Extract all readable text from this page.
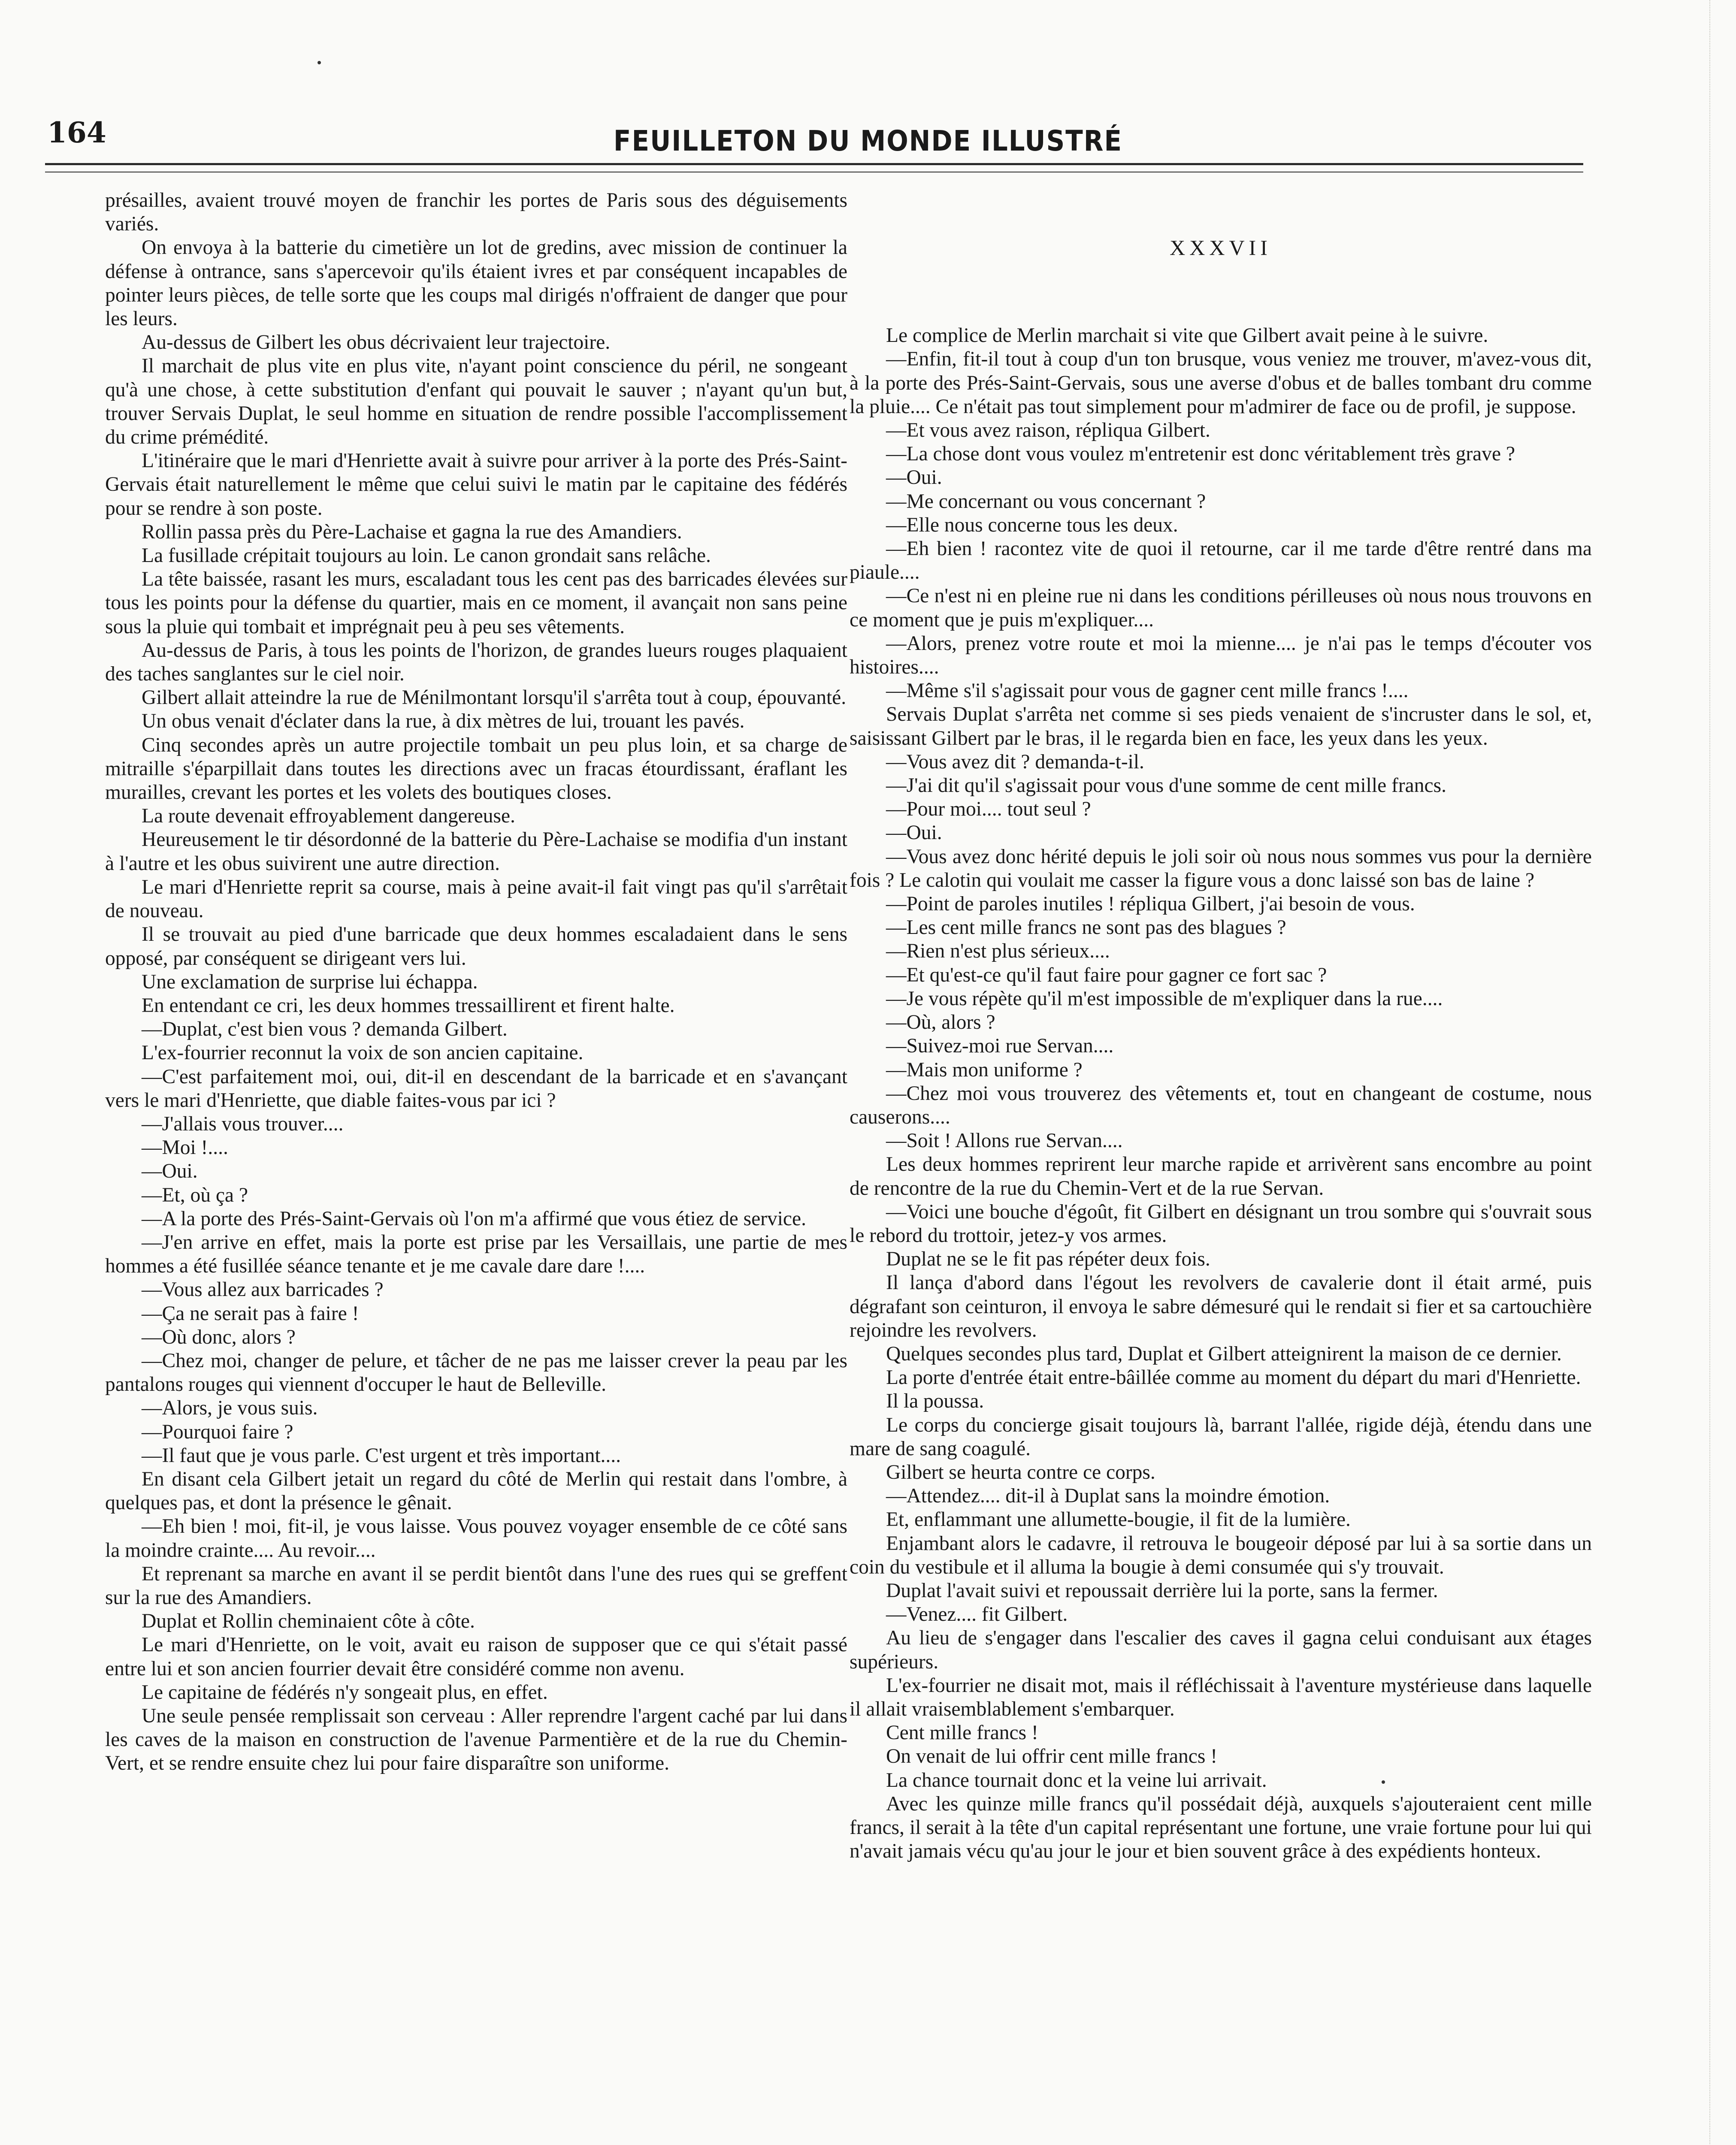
164	FEUILLETON DU MONDE ILLUSTRÉ

présailles, avaient trouvé moyen de franchir les portes de Paris sous des déguisements variés.

On envoya à la batterie du cimetière un lot de gredins, avec mission de continuer la défense à ontrance, sans s'apercevoir qu'ils étaient ivres et par conséquent incapables de pointer leurs pièces, de telle sorte que les coups mal dirigés n'offraient de danger que pour les leurs.

Au-dessus de Gilbert les obus décrivaient leur trajectoire.

Il marchait de plus vite en plus vite, n'ayant point conscience du péril, ne songeant qu'à une chose, à cette substitution d'enfant qui pouvait le sauver ; n'ayant qu'un but, trouver Servais Duplat, le seul homme en situation de rendre possible l'accomplissement du crime prémédité.

L'itinéraire que le mari d'Henriette avait à suivre pour arriver à la porte des Prés-Saint-Gervais était naturellement le même que celui suivi le matin par le capitaine des fédérés pour se rendre à son poste.

Rollin passa près du Père-Lachaise et gagna la rue des Amandiers.

La fusillade crépitait toujours au loin. Le canon grondait sans relâche.

La tête baissée, rasant les murs, escaladant tous les cent pas des barricades élevées sur tous les points pour la défense du quartier, mais en ce moment, il avançait non sans peine sous la pluie qui tombait et imprégnait peu à peu ses vêtements.

Au-dessus de Paris, à tous les points de l'horizon, de grandes lueurs rouges plaquaient des taches sanglantes sur le ciel noir.

Gilbert allait atteindre la rue de Ménilmontant lorsqu'il s'arrêta tout à coup, épouvanté.

Un obus venait d'éclater dans la rue, à dix mètres de lui, trouant les pavés.

Cinq secondes après un autre projectile tombait un peu plus loin, et sa charge de mitraille s'éparpillait dans toutes les directions avec un fracas étourdissant, éraflant les murailles, crevant les portes et les volets des boutiques closes.

La route devenait effroyablement dangereuse.

Heureusement le tir désordonné de la batterie du Père-Lachaise se modifia d'un instant à l'autre et les obus suivirent une autre direction.

Le mari d'Henriette reprit sa course, mais à peine avait-il fait vingt pas qu'il s'arrêtait de nouveau.

Il se trouvait au pied d'une barricade que deux hommes escaladaient dans le sens opposé, par conséquent se dirigeant vers lui.

Une exclamation de surprise lui échappa.

En entendant ce cri, les deux hommes tressaillirent et firent halte.

—Duplat, c'est bien vous ? demanda Gilbert.

L'ex-fourrier reconnut la voix de son ancien capitaine.

—C'est parfaitement moi, oui, dit-il en descendant de la barricade et en s'avançant vers le mari d'Henriette, que diable faites-vous par ici ?

—J'allais vous trouver....

—Moi !....

—Oui.

—Et, où ça ?

—A la porte des Prés-Saint-Gervais où l'on m'a affirmé que vous étiez de service.

—J'en arrive en effet, mais la porte est prise par les Versaillais, une partie de mes hommes a été fusillée séance tenante et je me cavale dare dare !....

—Vous allez aux barricades ?

—Ça ne serait pas à faire !

—Où donc, alors ?

—Chez moi, changer de pelure, et tâcher de ne pas me laisser crever la peau par les pantalons rouges qui viennent d'occuper le haut de Belleville.

—Alors, je vous suis.

—Pourquoi faire ?

—Il faut que je vous parle. C'est urgent et très important....

En disant cela Gilbert jetait un regard du côté de Merlin qui restait dans l'ombre, à quelques pas, et dont la présence le gênait.

—Eh bien ! moi, fit-il, je vous laisse. Vous pouvez voyager ensemble de ce côté sans la moindre crainte.... Au revoir....

Et reprenant sa marche en avant il se perdit bientôt dans l'une des rues qui se greffent sur la rue des Amandiers.

Duplat et Rollin cheminaient côte à côte.

Le mari d'Henriette, on le voit, avait eu raison de supposer que ce qui s'était passé entre lui et son ancien fourrier devait être considéré comme non avenu.

Le capitaine de fédérés n'y songeait plus, en effet.

Une seule pensée remplissait son cerveau : Aller reprendre l'argent caché par lui dans les caves de la maison en construction de l'avenue Parmentière et de la rue du Chemin-Vert, et se rendre ensuite chez lui pour faire disparaître son uniforme.

XXXVII

Le complice de Merlin marchait si vite que Gilbert avait peine à le suivre.

—Enfin, fit-il tout à coup d'un ton brusque, vous veniez me trouver, m'avez-vous dit, à la porte des Prés-Saint-Gervais, sous une averse d'obus et de balles tombant dru comme la pluie.... Ce n'était pas tout simplement pour m'admirer de face ou de profil, je suppose.

—Et vous avez raison, répliqua Gilbert.

—La chose dont vous voulez m'entretenir est donc véritablement très grave ?

—Oui.

—Me concernant ou vous concernant ?

—Elle nous concerne tous les deux.

—Eh bien ! racontez vite de quoi il retourne, car il me tarde d'être rentré dans ma piaule....

—Ce n'est ni en pleine rue ni dans les conditions périlleuses où nous nous trouvons en ce moment que je puis m'expliquer....

—Alors, prenez votre route et moi la mienne.... je n'ai pas le temps d'écouter vos histoires....

—Même s'il s'agissait pour vous de gagner cent mille francs !....

Servais Duplat s'arrêta net comme si ses pieds venaient de s'incruster dans le sol, et, saisissant Gilbert par le bras, il le regarda bien en face, les yeux dans les yeux.

—Vous avez dit ? demanda-t-il.

—J'ai dit qu'il s'agissait pour vous d'une somme de cent mille francs.

—Pour moi.... tout seul ?

—Oui.

—Vous avez donc hérité depuis le joli soir où nous nous sommes vus pour la dernière fois ? Le calotin qui voulait me casser la figure vous a donc laissé son bas de laine ?

—Point de paroles inutiles ! répliqua Gilbert, j'ai besoin de vous.

—Les cent mille francs ne sont pas des blagues ?

—Rien n'est plus sérieux....

—Et qu'est-ce qu'il faut faire pour gagner ce fort sac ?

—Je vous répète qu'il m'est impossible de m'expliquer dans la rue....

—Où, alors ?

—Suivez-moi rue Servan....

—Mais mon uniforme ?

—Chez moi vous trouverez des vêtements et, tout en changeant de costume, nous causerons....

—Soit ! Allons rue Servan....

Les deux hommes reprirent leur marche rapide et arrivèrent sans encombre au point de rencontre de la rue du Chemin-Vert et de la rue Servan.

—Voici une bouche d'égoût, fit Gilbert en désignant un trou sombre qui s'ouvrait sous le rebord du trottoir, jetez-y vos armes.

Duplat ne se le fit pas répéter deux fois.

Il lança d'abord dans l'égout les revolvers de cavalerie dont il était armé, puis dégrafant son ceinturon, il envoya le sabre démesuré qui le rendait si fier et sa cartouchière rejoindre les revolvers.

Quelques secondes plus tard, Duplat et Gilbert atteignirent la maison de ce dernier.

La porte d'entrée était entre-bâillée comme au moment du départ du mari d'Henriette.

Il la poussa.

Le corps du concierge gisait toujours là, barrant l'allée, rigide déjà, étendu dans une mare de sang coagulé.

Gilbert se heurta contre ce corps.

—Attendez.... dit-il à Duplat sans la moindre émotion.

Et, enflammant une allumette-bougie, il fit de la lumière.

Enjambant alors le cadavre, il retrouva le bougeoir déposé par lui à sa sortie dans un coin du vestibule et il alluma la bougie à demi consumée qui s'y trouvait.

Duplat l'avait suivi et repoussait derrière lui la porte, sans la fermer.

—Venez.... fit Gilbert.

Au lieu de s'engager dans l'escalier des caves il gagna celui conduisant aux étages supérieurs.

L'ex-fourrier ne disait mot, mais il réfléchissait à l'aventure mystérieuse dans laquelle il allait vraisemblablement s'embarquer.

Cent mille francs !

On venait de lui offrir cent mille francs !

La chance tournait donc et la veine lui arrivait.

Avec les quinze mille francs qu'il possédait déjà, auxquels s'ajouteraient cent mille francs, il serait à la tête d'un capital représentant une fortune, une vraie fortune pour lui qui n'avait jamais vécu qu'au jour le jour et bien souvent grâce à des expédients honteux.
